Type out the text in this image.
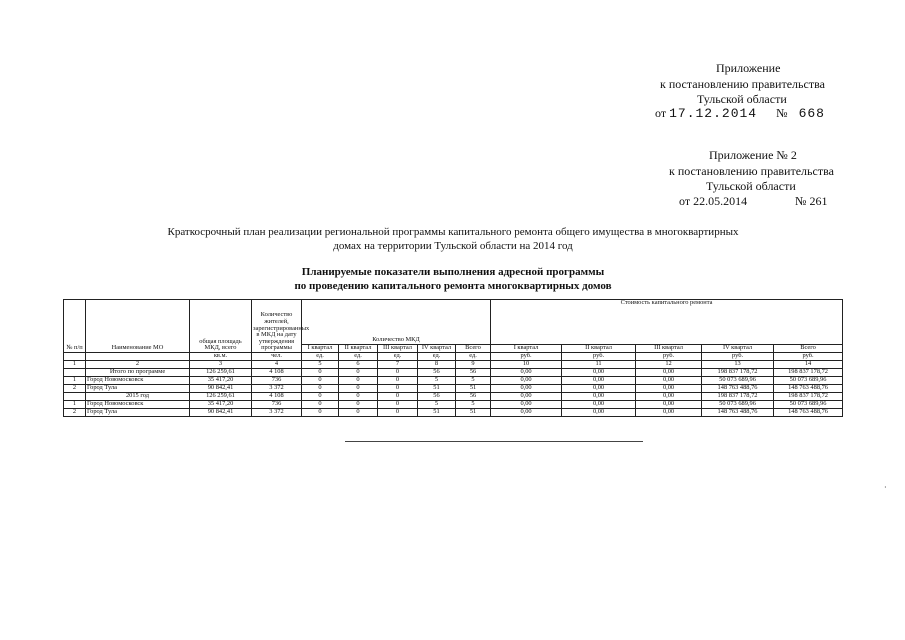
Приложение
к постановлению правительства
Тульской области
от 17.12.2014 № 668
Приложение № 2
к постановлению правительства
Тульской области
от 22.05.2014	№ 261
Краткосрочный план реализации региональной программы капитального ремонта общего имущества в многоквартирных
домах на территории Тульской области на 2014 год
Планируемые показатели выполнения адресной программы
по проведению капитального ремонта многоквартирных домов
№ п/п	Наименование МО	общая площадь МКД, всего	Количество жителей, зарегистрированных в МКД на дату утверждения программы	Количество МКД					Стоимость капитального ремонта				
				I квартал	II квартал	III квартал	IV квартал	Всего	I квартал	II квартал	III квартал	IV квартал	Всего
		кв.м.	чел.	ед.	ед.	ед.	ед.	ед.	руб.	руб.	руб.	руб.	руб.
1	2	3	4	5	6	7	8	9	10	11	12	13	14
	Итого по программе	126 259,61	4 108	0	0	0	56	56	0,00	0,00	0,00	198 837 178,72	198 837 178,72
1	Город Новомосковск	35 417,20	736	0	0	0	5	5	0,00	0,00	0,00	50 073 689,96	50 073 689,96
2	Город Тула	90 842,41	3 372	0	0	0	51	51	0,00	0,00	0,00	148 763 488,76	148 763 488,76
	2015 год	126 259,61	4 108	0	0	0	56	56	0,00	0,00	0,00	198 837 178,72	198 837 178,72
1	Город Новомосковск	35 417,20	736	0	0	0	5	5	0,00	0,00	0,00	50 073 689,96	50 073 689,96
2	Город Тула	90 842,41	3 372	0	0	0	51	51	0,00	0,00	0,00	148 763 488,76	148 763 488,76
·
